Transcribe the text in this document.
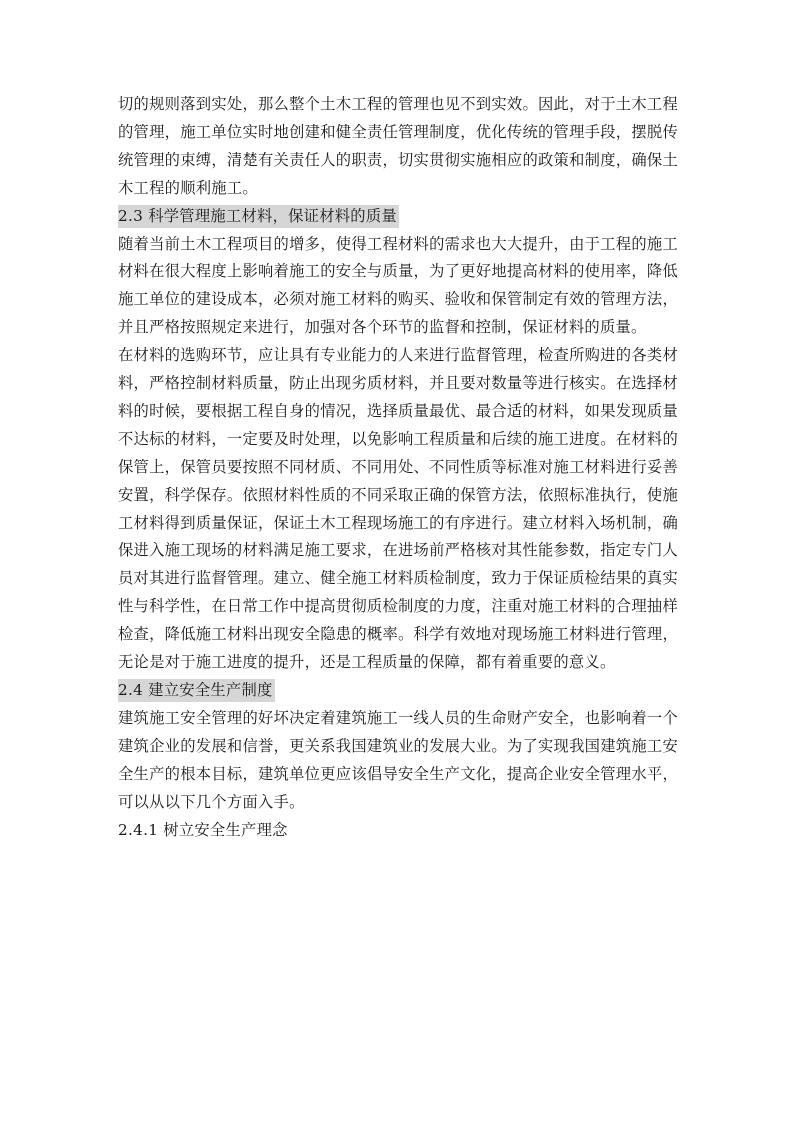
切的规则落到实处，那么整个土木工程的管理也见不到实效。因此，对于土木工程的管理，施工单位实时地创建和健全责任管理制度，优化传统的管理手段，摆脱传统管理的束缚，清楚有关责任人的职责，切实贯彻实施相应的政策和制度，确保土木工程的顺利施工。

2.3 科学管理施工材料，保证材料的质量

随着当前土木工程项目的增多，使得工程材料的需求也大大提升，由于工程的施工材料在很大程度上影响着施工的安全与质量，为了更好地提高材料的使用率，降低施工单位的建设成本，必须对施工材料的购买、验收和保管制定有效的管理方法，并且严格按照规定来进行，加强对各个环节的监督和控制，保证材料的质量。

在材料的选购环节，应让具有专业能力的人来进行监督管理，检查所购进的各类材料，严格控制材料质量，防止出现劣质材料，并且要对数量等进行核实。在选择材料的时候，要根据工程自身的情况，选择质量最优、最合适的材料，如果发现质量不达标的材料，一定要及时处理，以免影响工程质量和后续的施工进度。在材料的保管上，保管员要按照不同材质、不同用处、不同性质等标准对施工材料进行妥善安置，科学保存。依照材料性质的不同采取正确的保管方法，依照标准执行，使施工材料得到质量保证，保证土木工程现场施工的有序进行。建立材料入场机制，确保进入施工现场的材料满足施工要求，在进场前严格核对其性能参数，指定专门人员对其进行监督管理。建立、健全施工材料质检制度，致力于保证质检结果的真实性与科学性，在日常工作中提高贯彻质检制度的力度，注重对施工材料的合理抽样检查，降低施工材料出现安全隐患的概率。科学有效地对现场施工材料进行管理，无论是对于施工进度的提升，还是工程质量的保障，都有着重要的意义。

2.4 建立安全生产制度

建筑施工安全管理的好坏决定着建筑施工一线人员的生命财产安全，也影响着一个建筑企业的发展和信誉，更关系我国建筑业的发展大业。为了实现我国建筑施工安全生产的根本目标，建筑单位更应该倡导安全生产文化，提高企业安全管理水平，可以从以下几个方面入手。

2.4.1 树立安全生产理念
